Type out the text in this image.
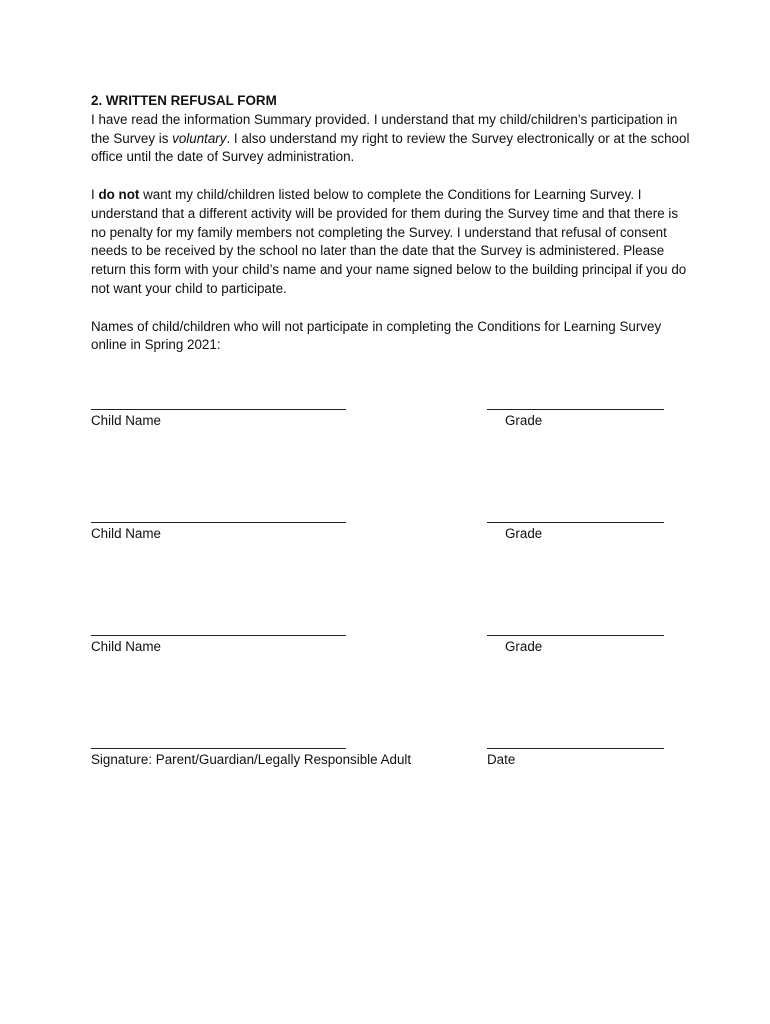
2. WRITTEN REFUSAL FORM

I have read the information Summary provided. I understand that my child/children’s participation in the Survey is voluntary. I also understand my right to review the Survey electronically or at the school office until the date of Survey administration.

I do not want my child/children listed below to complete the Conditions for Learning Survey. I understand that a different activity will be provided for them during the Survey time and that there is no penalty for my family members not completing the Survey. I understand that refusal of consent needs to be received by the school no later than the date that the Survey is administered. Please return this form with your child’s name and your name signed below to the building principal if you do not want your child to participate.

Names of child/children who will not participate in completing the Conditions for Learning Survey online in Spring 2021:

Child Name	Grade
Child Name	Grade
Child Name	Grade
Signature: Parent/Guardian/Legally Responsible Adult	Date
